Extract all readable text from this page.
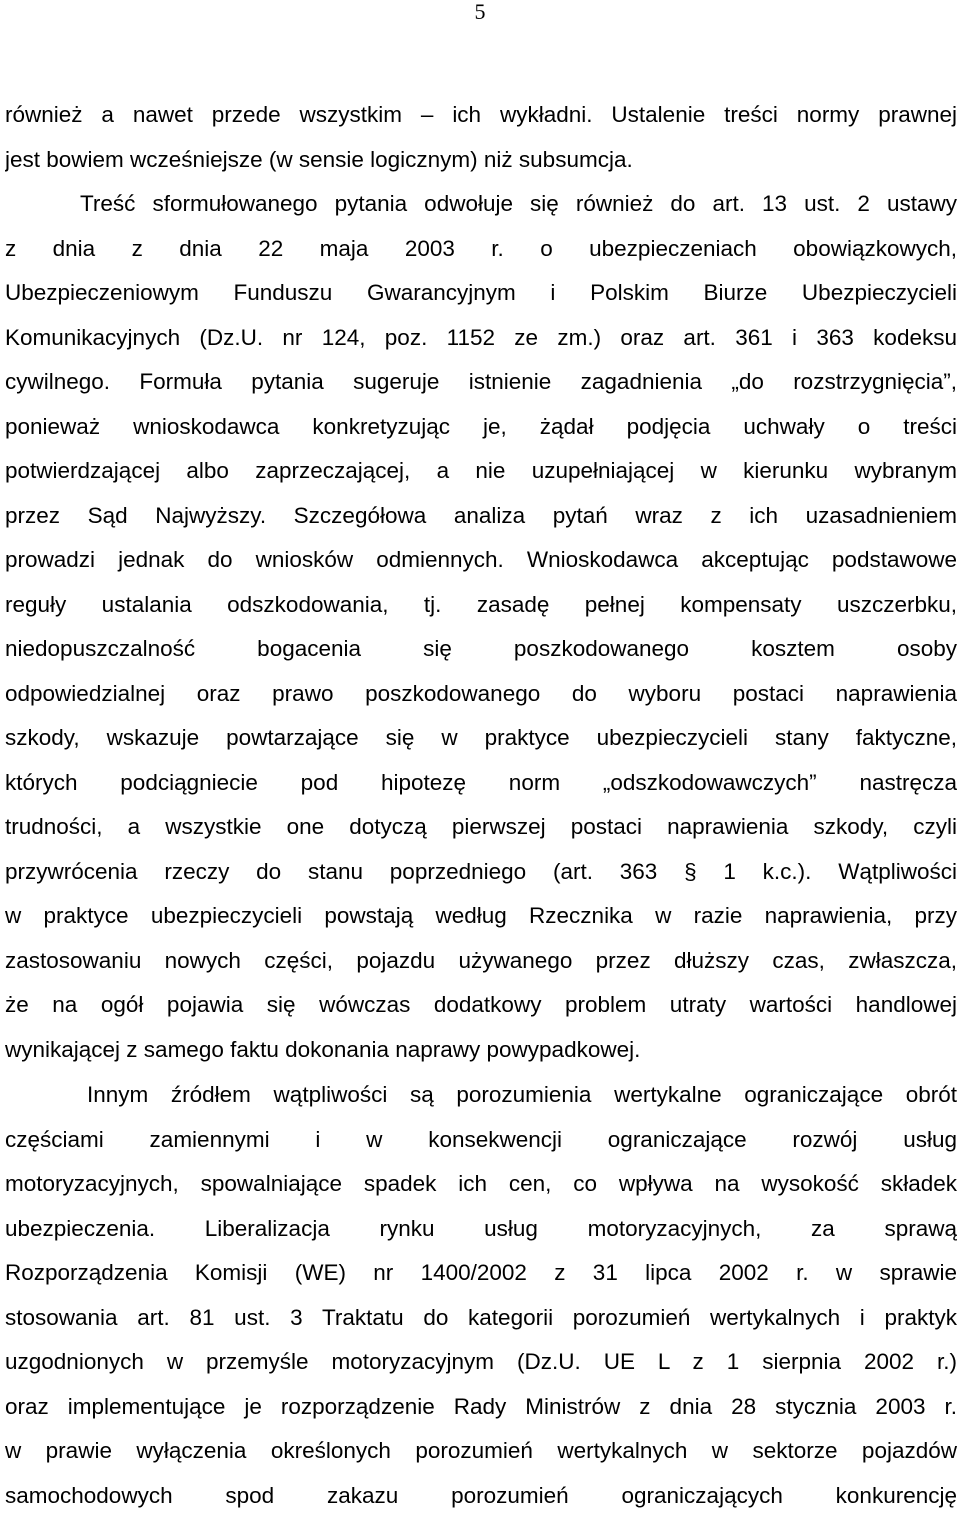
5
również a nawet przede wszystkim – ich wykładni. Ustalenie treści normy prawnej
jest bowiem wcześniejsze (w sensie logicznym) niż subsumcja.
Treść sformułowanego pytania odwołuje się również do art. 13 ust. 2 ustawy
z dnia z dnia 22 maja 2003 r. o ubezpieczeniach obowiązkowych,
Ubezpieczeniowym Funduszu Gwarancyjnym i Polskim Biurze Ubezpieczycieli
Komunikacyjnych (Dz.U. nr 124, poz. 1152 ze zm.) oraz art. 361 i 363 kodeksu
cywilnego. Formuła pytania sugeruje istnienie zagadnienia „do rozstrzygnięcia”,
ponieważ wnioskodawca konkretyzując je, żądał podjęcia uchwały o treści
potwierdzającej albo zaprzeczającej, a nie uzupełniającej w kierunku wybranym
przez Sąd Najwyższy. Szczegółowa analiza pytań wraz z ich uzasadnieniem
prowadzi jednak do wniosków odmiennych. Wnioskodawca akceptując podstawowe
reguły ustalania odszkodowania, tj. zasadę pełnej kompensaty uszczerbku,
niedopuszczalność bogacenia się poszkodowanego kosztem osoby
odpowiedzialnej oraz prawo poszkodowanego do wyboru postaci naprawienia
szkody, wskazuje powtarzające się w praktyce ubezpieczycieli stany faktyczne,
których podciągniecie pod hipotezę norm „odszkodowawczych” nastręcza
trudności, a wszystkie one dotyczą pierwszej postaci naprawienia szkody, czyli
przywrócenia rzeczy do stanu poprzedniego (art. 363 § 1 k.c.). Wątpliwości
w praktyce ubezpieczycieli powstają według Rzecznika w razie naprawienia, przy
zastosowaniu nowych części, pojazdu używanego przez dłuższy czas, zwłaszcza,
że na ogół pojawia się wówczas dodatkowy problem utraty wartości handlowej
wynikającej z samego faktu dokonania naprawy powypadkowej.
Innym źródłem wątpliwości są porozumienia wertykalne ograniczające obrót
częściami zamiennymi i w konsekwencji ograniczające rozwój usług
motoryzacyjnych, spowalniające spadek ich cen, co wpływa na wysokość składek
ubezpieczenia. Liberalizacja rynku usług motoryzacyjnych, za sprawą
Rozporządzenia Komisji (WE) nr 1400/2002 z 31 lipca 2002 r. w sprawie
stosowania art. 81 ust. 3 Traktatu do kategorii porozumień wertykalnych i praktyk
uzgodnionych w przemyśle motoryzacyjnym (Dz.U. UE L z 1 sierpnia 2002 r.)
oraz implementujące je rozporządzenie Rady Ministrów z dnia 28 stycznia 2003 r.
w prawie wyłączenia określonych porozumień wertykalnych w sektorze pojazdów
samochodowych spod zakazu porozumień ograniczających konkurencję
